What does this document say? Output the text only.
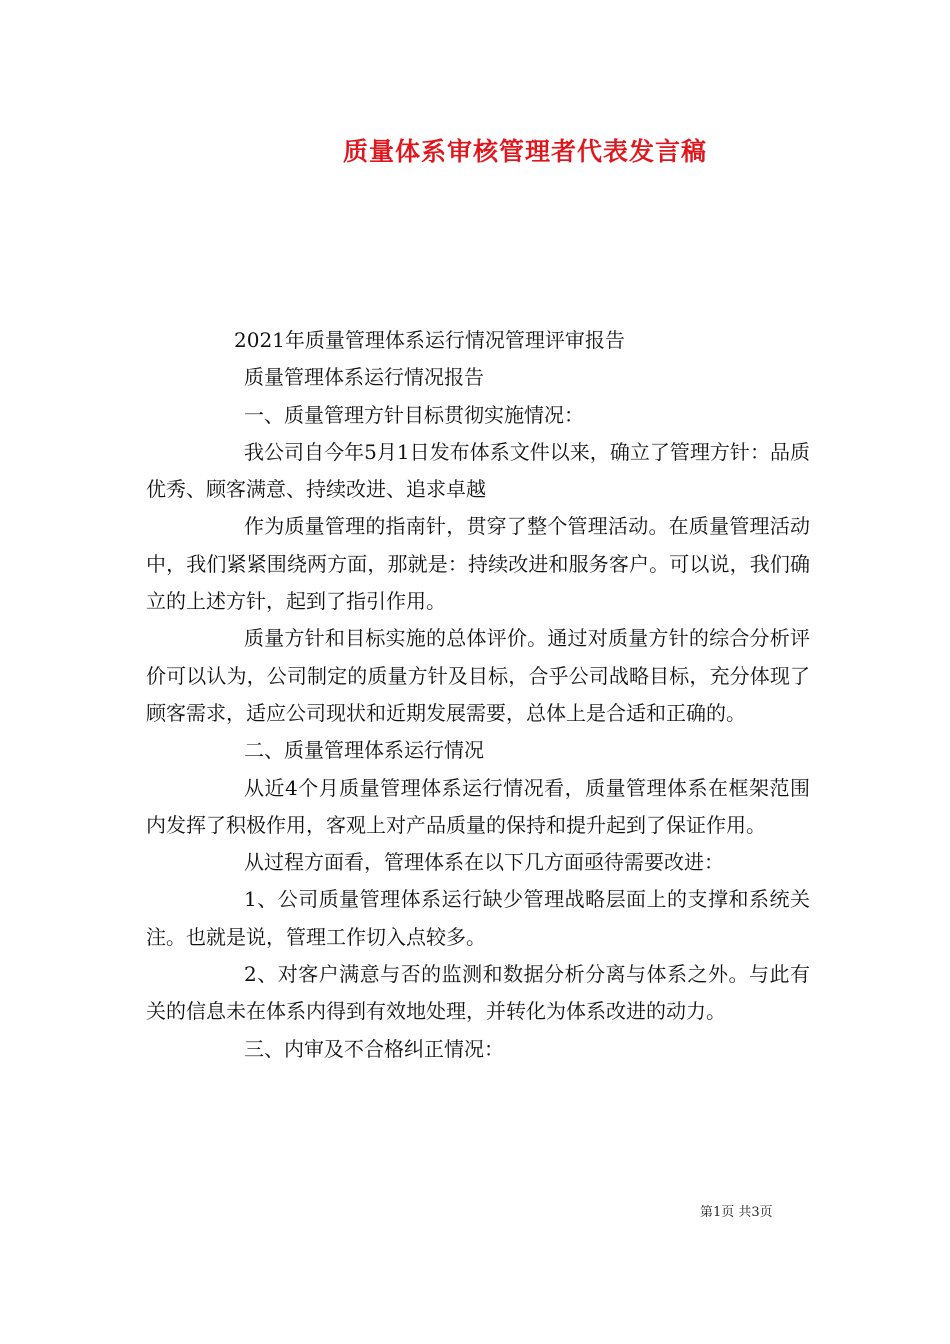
质量体系审核管理者代表发言稿

2021年质量管理体系运行情况管理评审报告

质量管理体系运行情况报告

一、质量管理方针目标贯彻实施情况：

我公司自今年5月1日发布体系文件以来，确立了管理方针：品质优秀、顾客满意、持续改进、追求卓越

作为质量管理的指南针，贯穿了整个管理活动。在质量管理活动中，我们紧紧围绕两方面，那就是：持续改进和服务客户。可以说，我们确立的上述方针，起到了指引作用。

质量方针和目标实施的总体评价。通过对质量方针的综合分析评价可以认为，公司制定的质量方针及目标，合乎公司战略目标，充分体现了顾客需求，适应公司现状和近期发展需要，总体上是合适和正确的。

二、质量管理体系运行情况

从近4个月质量管理体系运行情况看，质量管理体系在框架范围内发挥了积极作用，客观上对产品质量的保持和提升起到了保证作用。

从过程方面看，管理体系在以下几方面亟待需要改进：

1、公司质量管理体系运行缺少管理战略层面上的支撑和系统关注。也就是说，管理工作切入点较多。

2、对客户满意与否的监测和数据分析分离与体系之外。与此有关的信息未在体系内得到有效地处理，并转化为体系改进的动力。

三、内审及不合格纠正情况：

第1页 共3页
